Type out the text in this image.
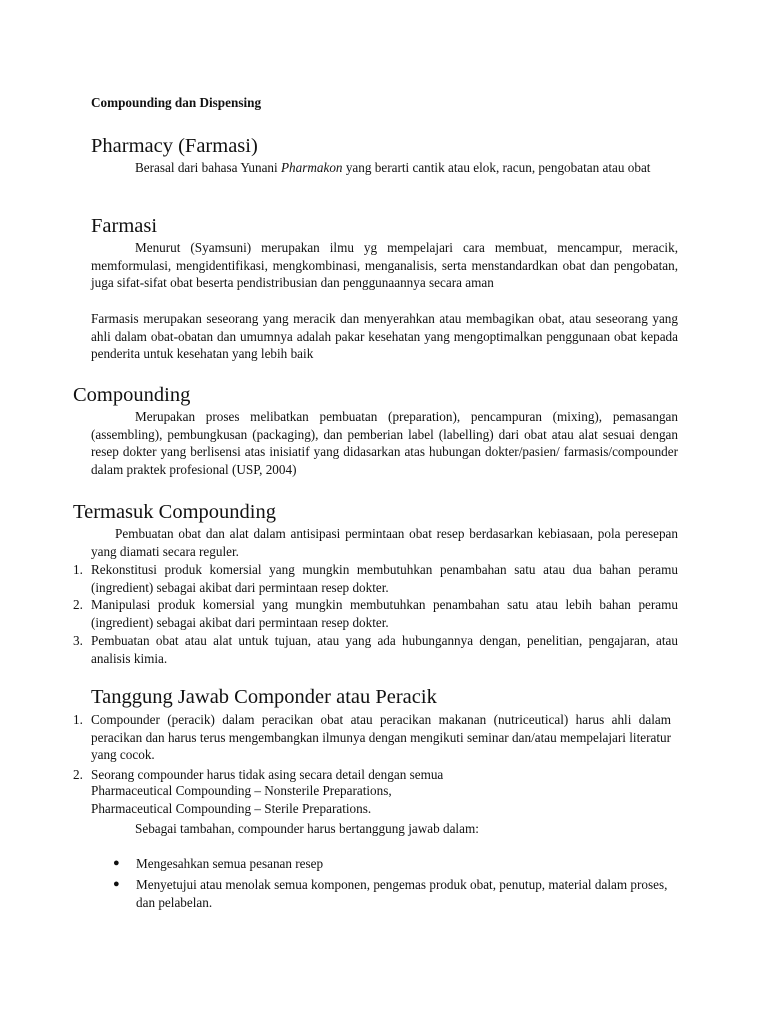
Compounding dan Dispensing

Pharmacy (Farmasi)

Berasal dari bahasa Yunani Pharmakon yang berarti cantik atau elok, racun, pengobatan atau obat

Farmasi

Menurut (Syamsuni) merupakan ilmu yg mempelajari cara membuat, mencampur, meracik, memformulasi, mengidentifikasi, mengkombinasi, menganalisis, serta menstandardkan obat dan pengobatan, juga sifat-sifat obat beserta pendistribusian dan penggunaannya secara aman

Farmasis merupakan seseorang yang meracik dan menyerahkan atau membagikan obat, atau seseorang yang ahli dalam obat-obatan dan umumnya adalah pakar kesehatan yang mengoptimalkan penggunaan obat kepada penderita untuk kesehatan yang lebih baik

Compounding

Merupakan proses melibatkan pembuatan (preparation), pencampuran (mixing), pemasangan (assembling), pembungkusan (packaging), dan pemberian label (labelling) dari obat atau alat sesuai dengan resep dokter yang berlisensi atas inisiatif yang didasarkan atas hubungan dokter/pasien/ farmasis/compounder dalam praktek profesional (USP, 2004)

Termasuk Compounding

Pembuatan obat dan alat dalam antisipasi permintaan obat resep berdasarkan kebiasaan, pola peresepan yang diamati secara reguler.

1. Rekonstitusi produk komersial yang mungkin membutuhkan penambahan satu atau dua bahan peramu (ingredient) sebagai akibat dari permintaan resep dokter.
2. Manipulasi produk komersial yang mungkin membutuhkan penambahan satu atau lebih bahan peramu (ingredient) sebagai akibat dari permintaan resep dokter.
3. Pembuatan obat atau alat untuk tujuan, atau yang ada hubungannya dengan, penelitian, pengajaran, atau analisis kimia.
Tanggung Jawab Componder atau Peracik
1. Compounder (peracik) dalam peracikan obat atau peracikan makanan (nutriceutical) harus ahli dalam peracikan dan harus terus mengembangkan ilmunya dengan mengikuti seminar dan/atau mempelajari literatur yang cocok.
2. Seorang compounder harus tidak asing secara detail dengan semua

Pharmaceutical Compounding – Nonsterile Preparations,

Pharmaceutical Compounding – Sterile Preparations.

Sebagai tambahan, compounder harus bertanggung jawab dalam:

● Mengesahkan semua pesanan resep
● Menyetujui atau menolak semua komponen, pengemas produk obat, penutup, material dalam proses, dan pelabelan.
